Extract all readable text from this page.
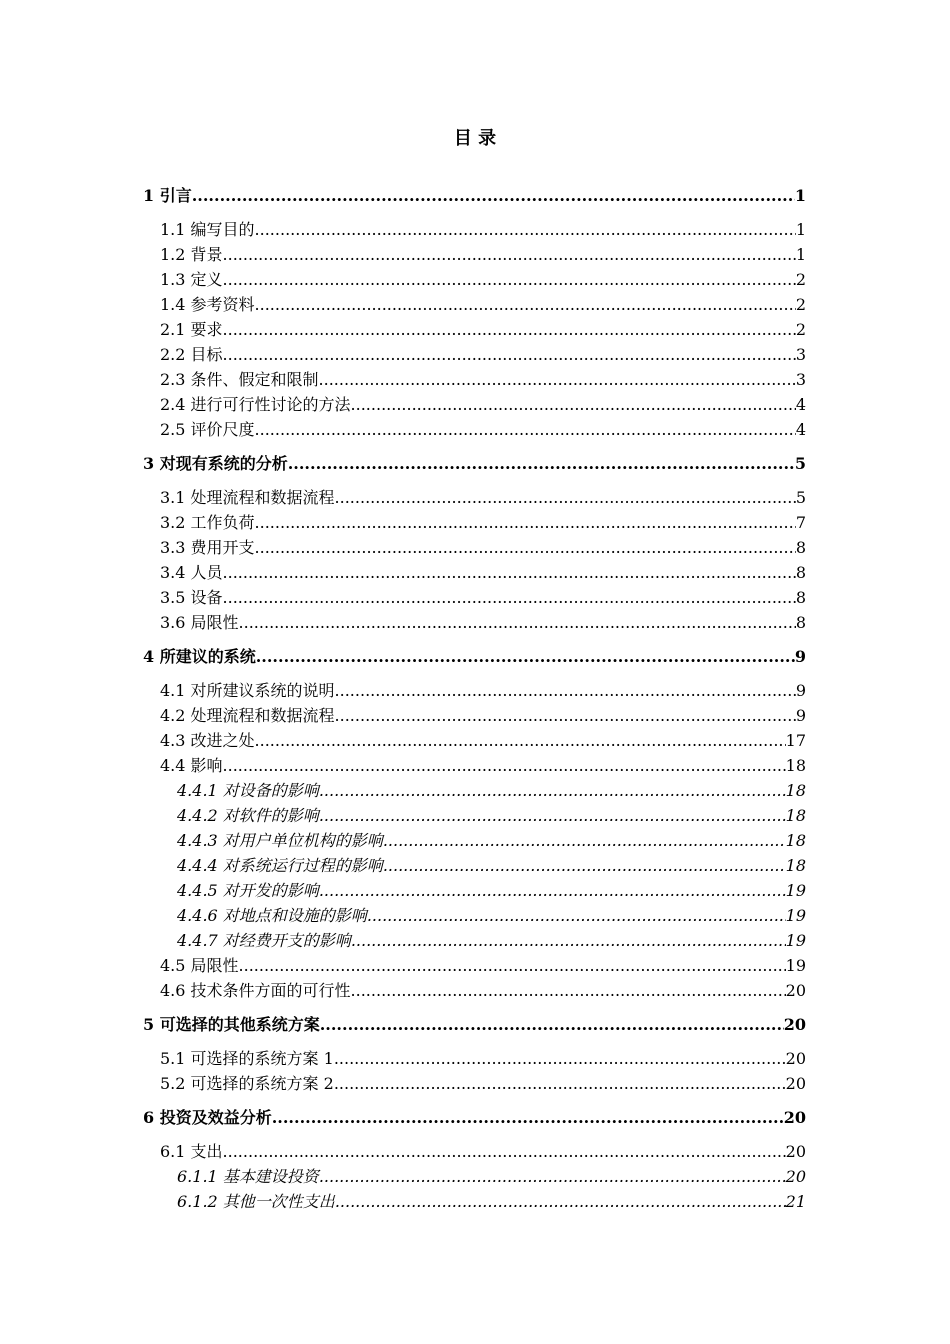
目 录
1 引言 .....	1
1.1 编写目的 .....	1
1.2 背景 .....	1
1.3 定义 .....	2
1.4 参考资料 .....	2
2.1 要求 .....	2
2.2 目标 .....	3
2.3 条件、假定和限制 .....	3
2.4 进行可行性讨论的方法 .....	4
2.5 评价尺度 .....	4
3 对现有系统的分析 .....	5
3.1 处理流程和数据流程 .....	5
3.2 工作负荷 .....	7
3.3 费用开支 .....	8
3.4 人员 .....	8
3.5 设备 .....	8
3.6 局限性 .....	8
4 所建议的系统 .....	9
4.1 对所建议系统的说明 .....	9
4.2 处理流程和数据流程 .....	9
4.3 改进之处 .....	17
4.4 影响 .....	18
4.4.1 对设备的影响 .....	18
4.4.2 对软件的影响 .....	18
4.4.3 对用户单位机构的影响 .....	18
4.4.4 对系统运行过程的影响 .....	18
4.4.5 对开发的影响 .....	19
4.4.6 对地点和设施的影响 .....	19
4.4.7 对经费开支的影响 .....	19
4.5 局限性 .....	19
4.6 技术条件方面的可行性 .....	20
5 可选择的其他系统方案 .....	20
5.1 可选择的系统方案 1 .....	20
5.2 可选择的系统方案 2 .....	20
6 投资及效益分析 .....	20
6.1 支出 .....	20
6.1.1 基本建设投资 .....	20
6.1.2 其他一次性支出 .....	21
